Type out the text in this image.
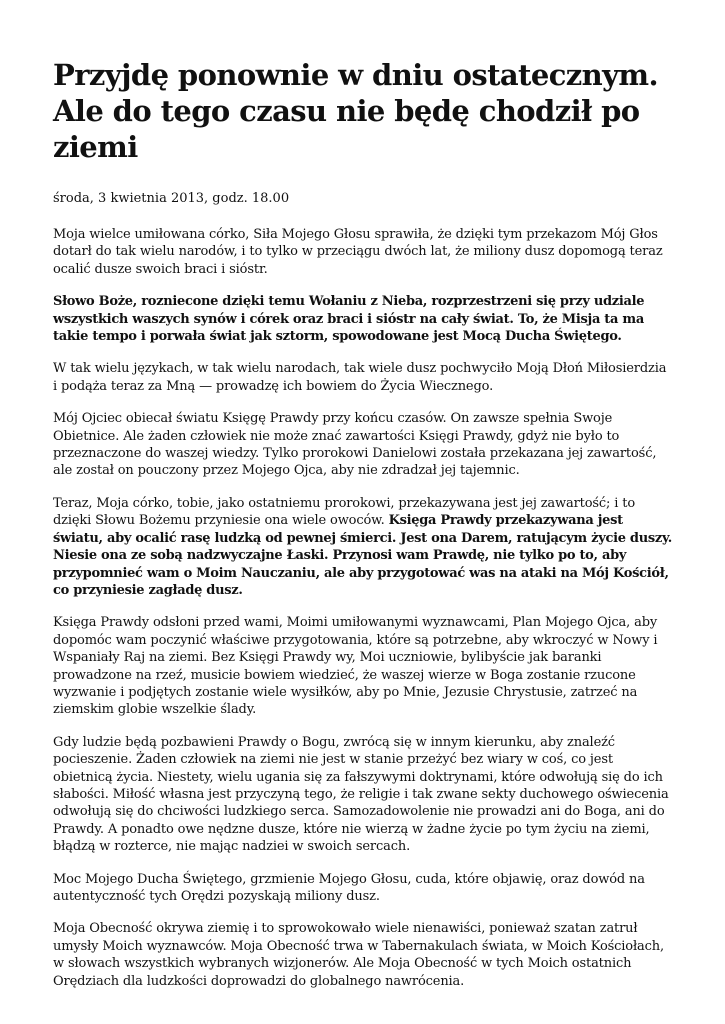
Przyjdę ponownie w dniu ostatecznym. Ale do tego czasu nie będę chodził po ziemi
środa, 3 kwietnia 2013, godz. 18.00

Moja wielce umiłowana córko, Siła Mojego Głosu sprawiła, że dzięki tym przekazom Mój Głos dotarł do tak wielu narodów, i to tylko w przeciągu dwóch lat, że miliony dusz dopomogą teraz ocalić dusze swoich braci i sióstr.

Słowo Boże, rozniecone dzięki temu Wołaniu z Nieba, rozprzestrzeni się przy udziale wszystkich waszych synów i córek oraz braci i sióstr na cały świat. To, że Misja ta ma takie tempo i porwała świat jak sztorm, spowodowane jest Mocą Ducha Świętego.

W tak wielu językach, w tak wielu narodach, tak wiele dusz pochwyciło Moją Dłoń Miłosierdzia i podąża teraz za Mną — prowadzę ich bowiem do Życia Wiecznego.

Mój Ojciec obiecał światu Księgę Prawdy przy końcu czasów. On zawsze spełnia Swoje Obietnice. Ale żaden człowiek nie może znać zawartości Księgi Prawdy, gdyż nie było to przeznaczone do waszej wiedzy. Tylko prorokowi Danielowi została przekazana jej zawartość, ale został on pouczony przez Mojego Ojca, aby nie zdradzał jej tajemnic.

Teraz, Moja córko, tobie, jako ostatniemu prorokowi, przekazywana jest jej zawartość; i to dzięki Słowu Bożemu przyniesie ona wiele owoców. Księga Prawdy przekazywana jest światu, aby ocalić rasę ludzką od pewnej śmierci. Jest ona Darem, ratującym życie duszy. Niesie ona ze sobą nadzwyczajne Łaski. Przynosi wam Prawdę, nie tylko po to, aby przypomnieć wam o Moim Nauczaniu, ale aby przygotować was na ataki na Mój Kościół, co przyniesie zagładę dusz.

Księga Prawdy odsłoni przed wami, Moimi umiłowanymi wyznawcami, Plan Mojego Ojca, aby dopomóc wam poczynić właściwe przygotowania, które są potrzebne, aby wkroczyć w Nowy i Wspaniały Raj na ziemi. Bez Księgi Prawdy wy, Moi uczniowie, bylibyście jak baranki prowadzone na rzeź, musicie bowiem wiedzieć, że waszej wierze w Boga zostanie rzucone wyzwanie i podjętych zostanie wiele wysiłków, aby po Mnie, Jezusie Chrystusie, zatrzeć na ziemskim globie wszelkie ślady.

Gdy ludzie będą pozbawieni Prawdy o Bogu, zwrócą się w innym kierunku, aby znaleźć pocieszenie. Żaden człowiek na ziemi nie jest w stanie przeżyć bez wiary w coś, co jest obietnicą życia. Niestety, wielu ugania się za fałszywymi doktrynami, które odwołują się do ich słabości. Miłość własna jest przyczyną tego, że religie i tak zwane sekty duchowego oświecenia odwołują się do chciwości ludzkiego serca. Samozadowolenie nie prowadzi ani do Boga, ani do Prawdy. A ponadto owe nędzne dusze, które nie wierzą w żadne życie po tym życiu na ziemi, błądzą w rozterce, nie mając nadziei w swoich sercach.

Moc Mojego Ducha Świętego, grzmienie Mojego Głosu, cuda, które objawię, oraz dowód na autentyczność tych Orędzi pozyskają miliony dusz.

Moja Obecność okrywa ziemię i to sprowokowało wiele nienawiści, ponieważ szatan zatruł umysły Moich wyznawców. Moja Obecność trwa w Tabernakulach świata, w Moich Kościołach, w słowach wszystkich wybranych wizjonerów. Ale Moja Obecność w tych Moich ostatnich Orędziach dla ludzkości doprowadzi do globalnego nawrócenia.
